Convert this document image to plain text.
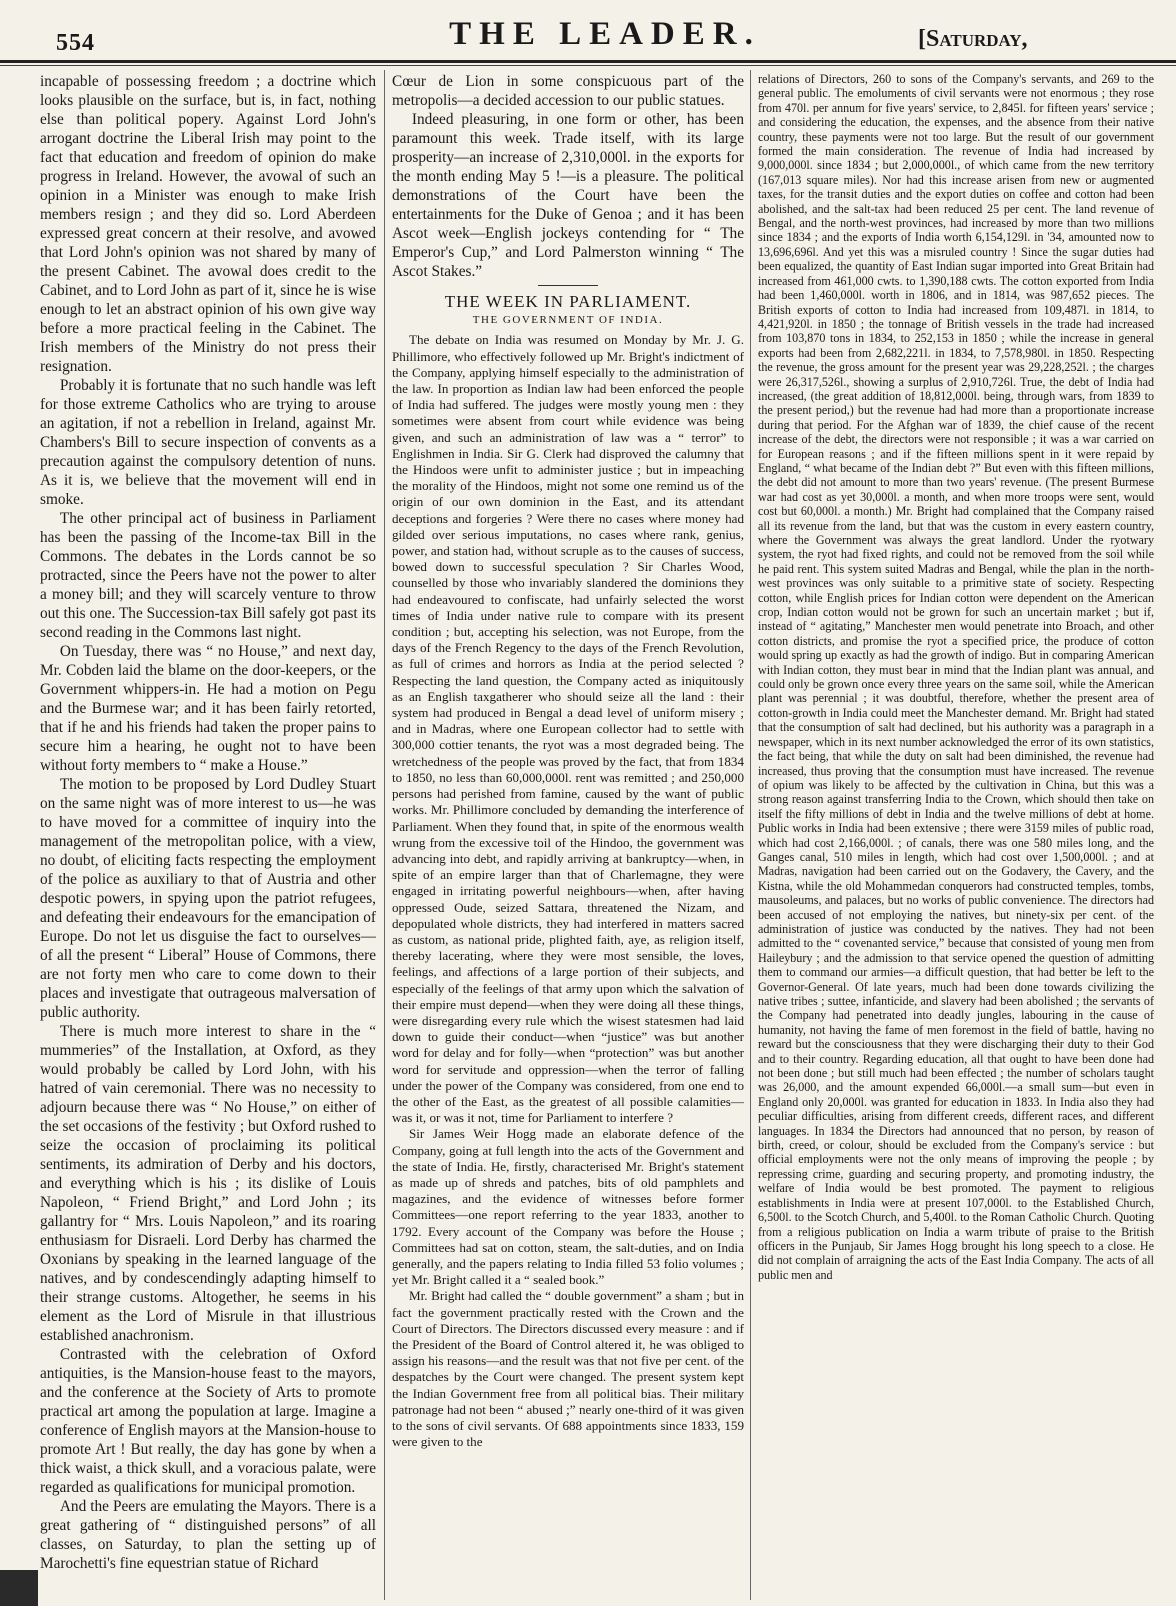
554	THE LEADER.	[Saturday,

incapable of possessing freedom ; a doctrine which looks plausible on the surface, but is, in fact, nothing else than political popery. Against Lord John's arrogant doctrine the Liberal Irish may point to the fact that education and freedom of opinion do make progress in Ireland. However, the avowal of such an opinion in a Minister was enough to make Irish members resign ; and they did so. Lord Aberdeen expressed great concern at their resolve, and avowed that Lord John's opinion was not shared by many of the present Cabinet. The avowal does credit to the Cabinet, and to Lord John as part of it, since he is wise enough to let an abstract opinion of his own give way before a more practical feeling in the Cabinet. The Irish members of the Ministry do not press their resignation.

Probably it is fortunate that no such handle was left for those extreme Catholics who are trying to arouse an agitation, if not a rebellion in Ireland, against Mr. Chambers's Bill to secure inspection of convents as a precaution against the compulsory detention of nuns. As it is, we believe that the movement will end in smoke.

The other principal act of business in Parliament has been the passing of the Income-tax Bill in the Commons. The debates in the Lords cannot be so protracted, since the Peers have not the power to alter a money bill; and they will scarcely venture to throw out this one. The Succession-tax Bill safely got past its second reading in the Commons last night.

On Tuesday, there was “ no House,” and next day, Mr. Cobden laid the blame on the door-keepers, or the Government whippers-in. He had a motion on Pegu and the Burmese war; and it has been fairly retorted, that if he and his friends had taken the proper pains to secure him a hearing, he ought not to have been without forty members to “ make a House.”

The motion to be proposed by Lord Dudley Stuart on the same night was of more interest to us—he was to have moved for a committee of inquiry into the management of the metropolitan police, with a view, no doubt, of eliciting facts respecting the employment of the police as auxiliary to that of Austria and other despotic powers, in spying upon the patriot refugees, and defeating their endeavours for the emancipation of Europe. Do not let us disguise the fact to ourselves—of all the present “ Liberal” House of Commons, there are not forty men who care to come down to their places and investigate that outrageous malversation of public authority.

There is much more interest to share in the “ mummeries” of the Installation, at Oxford, as they would probably be called by Lord John, with his hatred of vain ceremonial. There was no necessity to adjourn because there was “ No House,” on either of the set occasions of the festivity ; but Oxford rushed to seize the occasion of proclaiming its political sentiments, its admiration of Derby and his doctors, and everything which is his ; its dislike of Louis Napoleon, “ Friend Bright,” and Lord John ; its gallantry for “ Mrs. Louis Napoleon,” and its roaring enthusiasm for Disraeli. Lord Derby has charmed the Oxonians by speaking in the learned language of the natives, and by condescendingly adapting himself to their strange customs. Altogether, he seems in his element as the Lord of Misrule in that illustrious established anachronism.

Contrasted with the celebration of Oxford antiquities, is the Mansion-house feast to the mayors, and the conference at the Society of Arts to promote practical art among the population at large. Imagine a conference of English mayors at the Mansion-house to promote Art ! But really, the day has gone by when a thick waist, a thick skull, and a voracious palate, were regarded as qualifications for municipal promotion.

And the Peers are emulating the Mayors. There is a great gathering of “ distinguished persons” of all classes, on Saturday, to plan the setting up of Marochetti's fine equestrian statue of Richard

Cœur de Lion in some conspicuous part of the metropolis—a decided accession to our public statues.

Indeed pleasuring, in one form or other, has been paramount this week. Trade itself, with its large prosperity—an increase of 2,310,000l. in the exports for the month ending May 5 !—is a pleasure. The political demonstrations of the Court have been the entertainments for the Duke of Genoa ; and it has been Ascot week—English jockeys contending for “ The Emperor's Cup,” and Lord Palmerston winning “ The Ascot Stakes.”

THE WEEK IN PARLIAMENT.
THE GOVERNMENT OF INDIA.

The debate on India was resumed on Monday by Mr. J. G. Phillimore, who effectively followed up Mr. Bright's indictment of the Company, applying himself especially to the administration of the law. In proportion as Indian law had been enforced the people of India had suffered. The judges were mostly young men : they sometimes were absent from court while evidence was being given, and such an administration of law was a “ terror” to Englishmen in India. Sir G. Clerk had disproved the calumny that the Hindoos were unfit to administer justice ; but in impeaching the morality of the Hindoos, might not some one remind us of the origin of our own dominion in the East, and its attendant deceptions and forgeries ? Were there no cases where money had gilded over serious imputations, no cases where rank, genius, power, and station had, without scruple as to the causes of success, bowed down to successful speculation ? Sir Charles Wood, counselled by those who invariably slandered the dominions they had endeavoured to confiscate, had unfairly selected the worst times of India under native rule to compare with its present condition ; but, accepting his selection, was not Europe, from the days of the French Regency to the days of the French Revolution, as full of crimes and horrors as India at the period selected ? Respecting the land question, the Company acted as iniquitously as an English taxgatherer who should seize all the land : their system had produced in Bengal a dead level of uniform misery ; and in Madras, where one European collector had to settle with 300,000 cottier tenants, the ryot was a most degraded being. The wretchedness of the people was proved by the fact, that from 1834 to 1850, no less than 60,000,000l. rent was remitted ; and 250,000 persons had perished from famine, caused by the want of public works. Mr. Phillimore concluded by demanding the interference of Parliament. When they found that, in spite of the enormous wealth wrung from the excessive toil of the Hindoo, the government was advancing into debt, and rapidly arriving at bankruptcy—when, in spite of an empire larger than that of Charlemagne, they were engaged in irritating powerful neighbours—when, after having oppressed Oude, seized Sattara, threatened the Nizam, and depopulated whole districts, they had interfered in matters sacred as custom, as national pride, plighted faith, aye, as religion itself, thereby lacerating, where they were most sensible, the loves, feelings, and affections of a large portion of their subjects, and especially of the feelings of that army upon which the salvation of their empire must depend—when they were doing all these things, were disregarding every rule which the wisest statesmen had laid down to guide their conduct—when “justice” was but another word for delay and for folly—when “protection” was but another word for servitude and oppression—when the terror of falling under the power of the Company was considered, from one end to the other of the East, as the greatest of all possible calamities—was it, or was it not, time for Parliament to interfere ?

Sir James Weir Hogg made an elaborate defence of the Company, going at full length into the acts of the Government and the state of India. He, firstly, characterised Mr. Bright's statement as made up of shreds and patches, bits of old pamphlets and magazines, and the evidence of witnesses before former Committees—one report referring to the year 1833, another to 1792. Every account of the Company was before the House ; Committees had sat on cotton, steam, the salt-duties, and on India generally, and the papers relating to India filled 53 folio volumes ; yet Mr. Bright called it a “ sealed book.”

Mr. Bright had called the “ double government” a sham ; but in fact the government practically rested with the Crown and the Court of Directors. The Directors discussed every measure : and if the President of the Board of Control altered it, he was obliged to assign his reasons—and the result was that not five per cent. of the despatches by the Court were changed. The present system kept the Indian Government free from all political bias. Their military patronage had not been “ abused ;” nearly one-third of it was given to the sons of civil servants. Of 688 appointments since 1833, 159 were given to the

relations of Directors, 260 to sons of the Company's servants, and 269 to the general public. The emoluments of civil servants were not enormous ; they rose from 470l. per annum for five years' service, to 2,845l. for fifteen years' service ; and considering the education, the expenses, and the absence from their native country, these payments were not too large. But the result of our government formed the main consideration. The revenue of India had increased by 9,000,000l. since 1834 ; but 2,000,000l., of which came from the new territory (167,013 square miles). Nor had this increase arisen from new or augmented taxes, for the transit duties and the export duties on coffee and cotton had been abolished, and the salt-tax had been reduced 25 per cent. The land revenue of Bengal, and the north-west provinces, had increased by more than two millions since 1834 ; and the exports of India worth 6,154,129l. in '34, amounted now to 13,696,696l. And yet this was a misruled country ! Since the sugar duties had been equalized, the quantity of East Indian sugar imported into Great Britain had increased from 461,000 cwts. to 1,390,188 cwts. The cotton exported from India had been 1,460,000l. worth in 1806, and in 1814, was 987,652 pieces. The British exports of cotton to India had increased from 109,487l. in 1814, to 4,421,920l. in 1850 ; the tonnage of British vessels in the trade had increased from 103,870 tons in 1834, to 252,153 in 1850 ; while the increase in general exports had been from 2,682,221l. in 1834, to 7,578,980l. in 1850. Respecting the revenue, the gross amount for the present year was 29,228,252l. ; the charges were 26,317,526l., showing a surplus of 2,910,726l. True, the debt of India had increased, (the great addition of 18,812,000l. being, through wars, from 1839 to the present period,) but the revenue had had more than a proportionate increase during that period. For the Afghan war of 1839, the chief cause of the recent increase of the debt, the directors were not responsible ; it was a war carried on for European reasons ; and if the fifteen millions spent in it were repaid by England, “ what became of the Indian debt ?” But even with this fifteen millions, the debt did not amount to more than two years' revenue. (The present Burmese war had cost as yet 30,000l. a month, and when more troops were sent, would cost but 60,000l. a month.) Mr. Bright had complained that the Company raised all its revenue from the land, but that was the custom in every eastern country, where the Government was always the great landlord. Under the ryotwary system, the ryot had fixed rights, and could not be removed from the soil while he paid rent. This system suited Madras and Bengal, while the plan in the north-west provinces was only suitable to a primitive state of society. Respecting cotton, while English prices for Indian cotton were dependent on the American crop, Indian cotton would not be grown for such an uncertain market ; but if, instead of “ agitating,” Manchester men would penetrate into Broach, and other cotton districts, and promise the ryot a specified price, the produce of cotton would spring up exactly as had the growth of indigo. But in comparing American with Indian cotton, they must bear in mind that the Indian plant was annual, and could only be grown once every three years on the same soil, while the American plant was perennial ; it was doubtful, therefore, whether the present area of cotton-growth in India could meet the Manchester demand. Mr. Bright had stated that the consumption of salt had declined, but his authority was a paragraph in a newspaper, which in its next number acknowledged the error of its own statistics, the fact being, that while the duty on salt had been diminished, the revenue had increased, thus proving that the consumption must have increased. The revenue of opium was likely to be affected by the cultivation in China, but this was a strong reason against transferring India to the Crown, which should then take on itself the fifty millions of debt in India and the twelve millions of debt at home. Public works in India had been extensive ; there were 3159 miles of public road, which had cost 2,166,000l. ; of canals, there was one 580 miles long, and the Ganges canal, 510 miles in length, which had cost over 1,500,000l. ; and at Madras, navigation had been carried out on the Godavery, the Cavery, and the Kistna, while the old Mohammedan conquerors had constructed temples, tombs, mausoleums, and palaces, but no works of public convenience. The directors had been accused of not employing the natives, but ninety-six per cent. of the administration of justice was conducted by the natives. They had not been admitted to the “ covenanted service,” because that consisted of young men from Haileybury ; and the admission to that service opened the question of admitting them to command our armies—a difficult question, that had better be left to the Governor-General. Of late years, much had been done towards civilizing the native tribes ; suttee, infanticide, and slavery had been abolished ; the servants of the Company had penetrated into deadly jungles, labouring in the cause of humanity, not having the fame of men foremost in the field of battle, having no reward but the consciousness that they were discharging their duty to their God and to their country. Regarding education, all that ought to have been done had not been done ; but still much had been effected ; the number of scholars taught was 26,000, and the amount expended 66,000l.—a small sum—but even in England only 20,000l. was granted for education in 1833. In India also they had peculiar difficulties, arising from different creeds, different races, and different languages. In 1834 the Directors had announced that no person, by reason of birth, creed, or colour, should be excluded from the Company's service : but official employments were not the only means of improving the people ; by repressing crime, guarding and securing property, and promoting industry, the welfare of India would be best promoted. The payment to religious establishments in India were at present 107,000l. to the Established Church, 6,500l. to the Scotch Church, and 5,400l. to the Roman Catholic Church. Quoting from a religious publication on India a warm tribute of praise to the British officers in the Punjaub, Sir James Hogg brought his long speech to a close. He did not complain of arraigning the acts of the East India Company. The acts of all public men and
